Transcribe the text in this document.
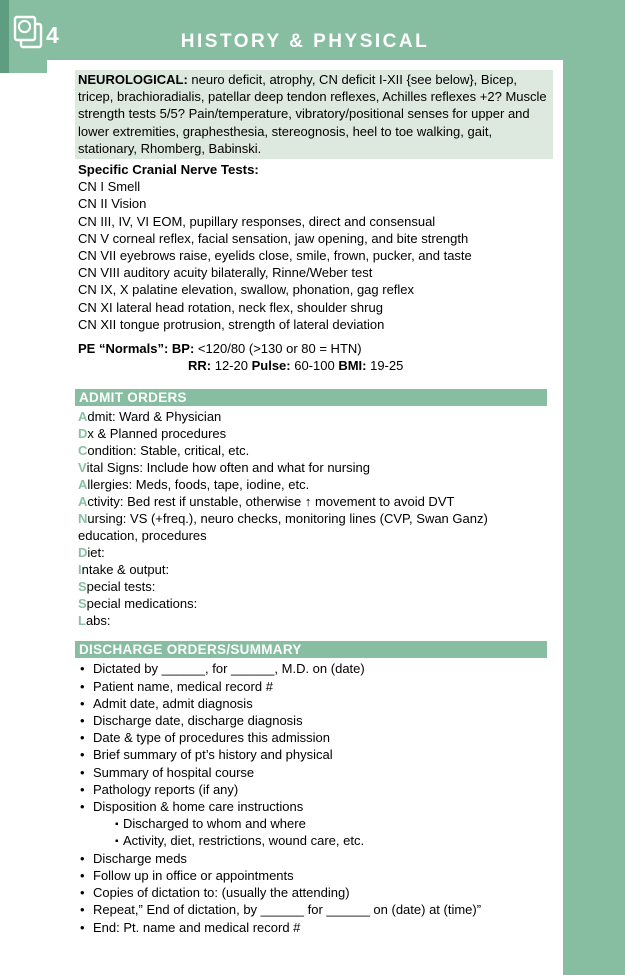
4	HISTORY & PHYSICAL

NEUROLOGICAL: neuro deficit, atrophy, CN deficit I-XII {see below}, Bicep, tricep, brachioradialis, patellar deep tendon reflexes, Achilles reflexes +2? Muscle strength tests 5/5? Pain/temperature, vibratory/positional senses for upper and lower extremities, graphesthesia, stereognosis, heel to toe walking, gait, stationary, Rhomberg, Babinski.

Specific Cranial Nerve Tests:
CN I Smell
CN II Vision
CN III, IV, VI EOM, pupillary responses, direct and consensual
CN V corneal reflex, facial sensation, jaw opening, and bite strength
CN VII eyebrows raise, eyelids close, smile, frown, pucker, and taste
CN VIII auditory acuity bilaterally, Rinne/Weber test
CN IX, X palatine elevation, swallow, phonation, gag reflex
CN XI lateral head rotation, neck flex, shoulder shrug
CN XII tongue protrusion, strength of lateral deviation
PE “Normals”: BP: <120/80 (>130 or 80 = HTN)
RR: 12-20 Pulse: 60-100 BMI: 19-25
ADMIT ORDERS
Admit: Ward & Physician
Dx & Planned procedures
Condition: Stable, critical, etc.
Vital Signs: Include how often and what for nursing
Allergies: Meds, foods, tape, iodine, etc.
Activity: Bed rest if unstable, otherwise ↑ movement to avoid DVT
Nursing: VS (+freq.), neuro checks, monitoring lines (CVP, Swan Ganz)
education, procedures
Diet:
Intake & output:
Special tests:
Special medications:
Labs:
DISCHARGE ORDERS/SUMMARY
• Dictated by ______, for ______, M.D. on (date)
• Patient name, medical record #
• Admit date, admit diagnosis
• Discharge date, discharge diagnosis
• Date & type of procedures this admission
• Brief summary of pt’s history and physical
• Summary of hospital course
• Pathology reports (if any)
• Disposition & home care instructions
▪ Discharged to whom and where
▪ Activity, diet, restrictions, wound care, etc.
• Discharge meds
• Follow up in office or appointments
• Copies of dictation to: (usually the attending)
• Repeat,” End of dictation, by ______ for ______ on (date) at (time)”
• End: Pt. name and medical record #
